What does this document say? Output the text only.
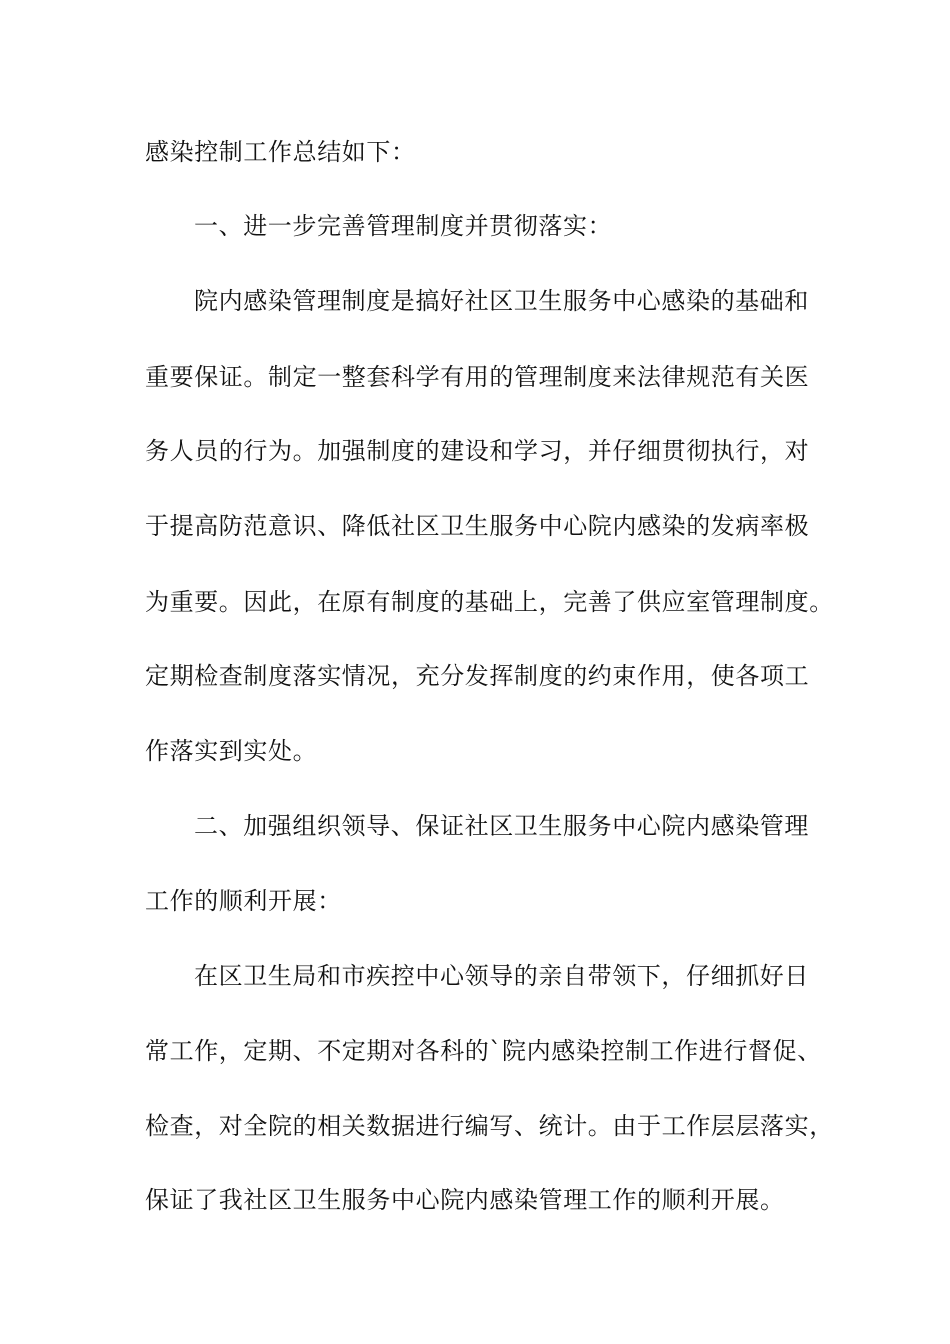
感染控制工作总结如下：
一、进一步完善管理制度并贯彻落实：
院内感染管理制度是搞好社区卫生服务中心感染的基础和
重要保证。制定一整套科学有用的管理制度来法律规范有关医
务人员的行为。加强制度的建设和学习，并仔细贯彻执行，对
于提高防范意识、降低社区卫生服务中心院内感染的发病率极
为重要。因此，在原有制度的基础上，完善了供应室管理制度。
定期检查制度落实情况，充分发挥制度的约束作用，使各项工
作落实到实处。
二、加强组织领导、保证社区卫生服务中心院内感染管理
工作的顺利开展：
在区卫生局和市疾控中心领导的亲自带领下，仔细抓好日
常工作，定期、不定期对各科的`院内感染控制工作进行督促、
检查，对全院的相关数据进行编写、统计。由于工作层层落实，
保证了我社区卫生服务中心院内感染管理工作的顺利开展。
